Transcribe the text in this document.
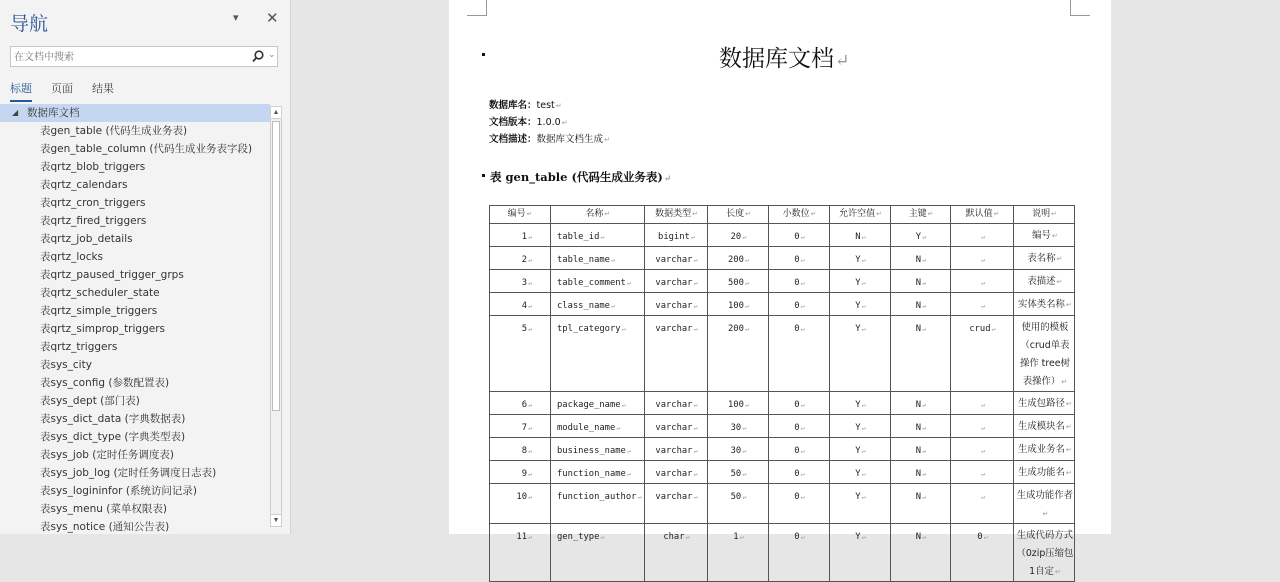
导航	▾ ✕
在文档中搜索
⌄
标题 页面 结果
◢ 数据库文档
表gen_table (代码生成业务表)
表gen_table_column (代码生成业务表字段)
表qrtz_blob_triggers
表qrtz_calendars
表qrtz_cron_triggers
表qrtz_fired_triggers
表qrtz_job_details
表qrtz_locks
表qrtz_paused_trigger_grps
表qrtz_scheduler_state
表qrtz_simple_triggers
表qrtz_simprop_triggers
表qrtz_triggers
表sys_city
表sys_config (参数配置表)
表sys_dept (部门表)
表sys_dict_data (字典数据表)
表sys_dict_type (字典类型表)
表sys_job (定时任务调度表)
表sys_job_log (定时任务调度日志表)
表sys_logininfor (系统访问记录)
表sys_menu (菜单权限表)
表sys_notice (通知公告表)
▲
▼
数据库文档↵
数据库名：test↵
文档版本：1.0.0↵
文档描述：数据库文档生成↵
表 gen_table (代码生成业务表)↵
编号↵	名称↵	数据类型↵	长度↵	小数位↵	允许空值↵	主键↵	默认值↵	说明↵
1↵	table_id↵	bigint↵	20↵	0↵	N↵	Y↵	↵	编号↵
2↵	table_name↵	varchar↵	200↵	0↵	Y↵	N↵	↵	表名称↵
3↵	table_comment↵	varchar↵	500↵	0↵	Y↵	N↵	↵	表描述↵
4↵	class_name↵	varchar↵	100↵	0↵	Y↵	N↵	↵	实体类名称↵
5↵	tpl_category↵	varchar↵	200↵	0↵	Y↵	N↵	crud↵	使用的模板（crud单表操作 tree树表操作）↵
6↵	package_name↵	varchar↵	100↵	0↵	Y↵	N↵	↵	生成包路径↵
7↵	module_name↵	varchar↵	30↵	0↵	Y↵	N↵	↵	生成模块名↵
8↵	business_name↵	varchar↵	30↵	0↵	Y↵	N↵	↵	生成业务名↵
9↵	function_name↵	varchar↵	50↵	0↵	Y↵	N↵	↵	生成功能名↵
10↵	function_author↵	varchar↵	50↵	0↵	Y↵	N↵	↵	生成功能作者↵
11↵	gen_type↵	char↵	1↵	0↵	Y↵	N↵	0↵	生成代码方式（0zip压缩包 1自定↵
